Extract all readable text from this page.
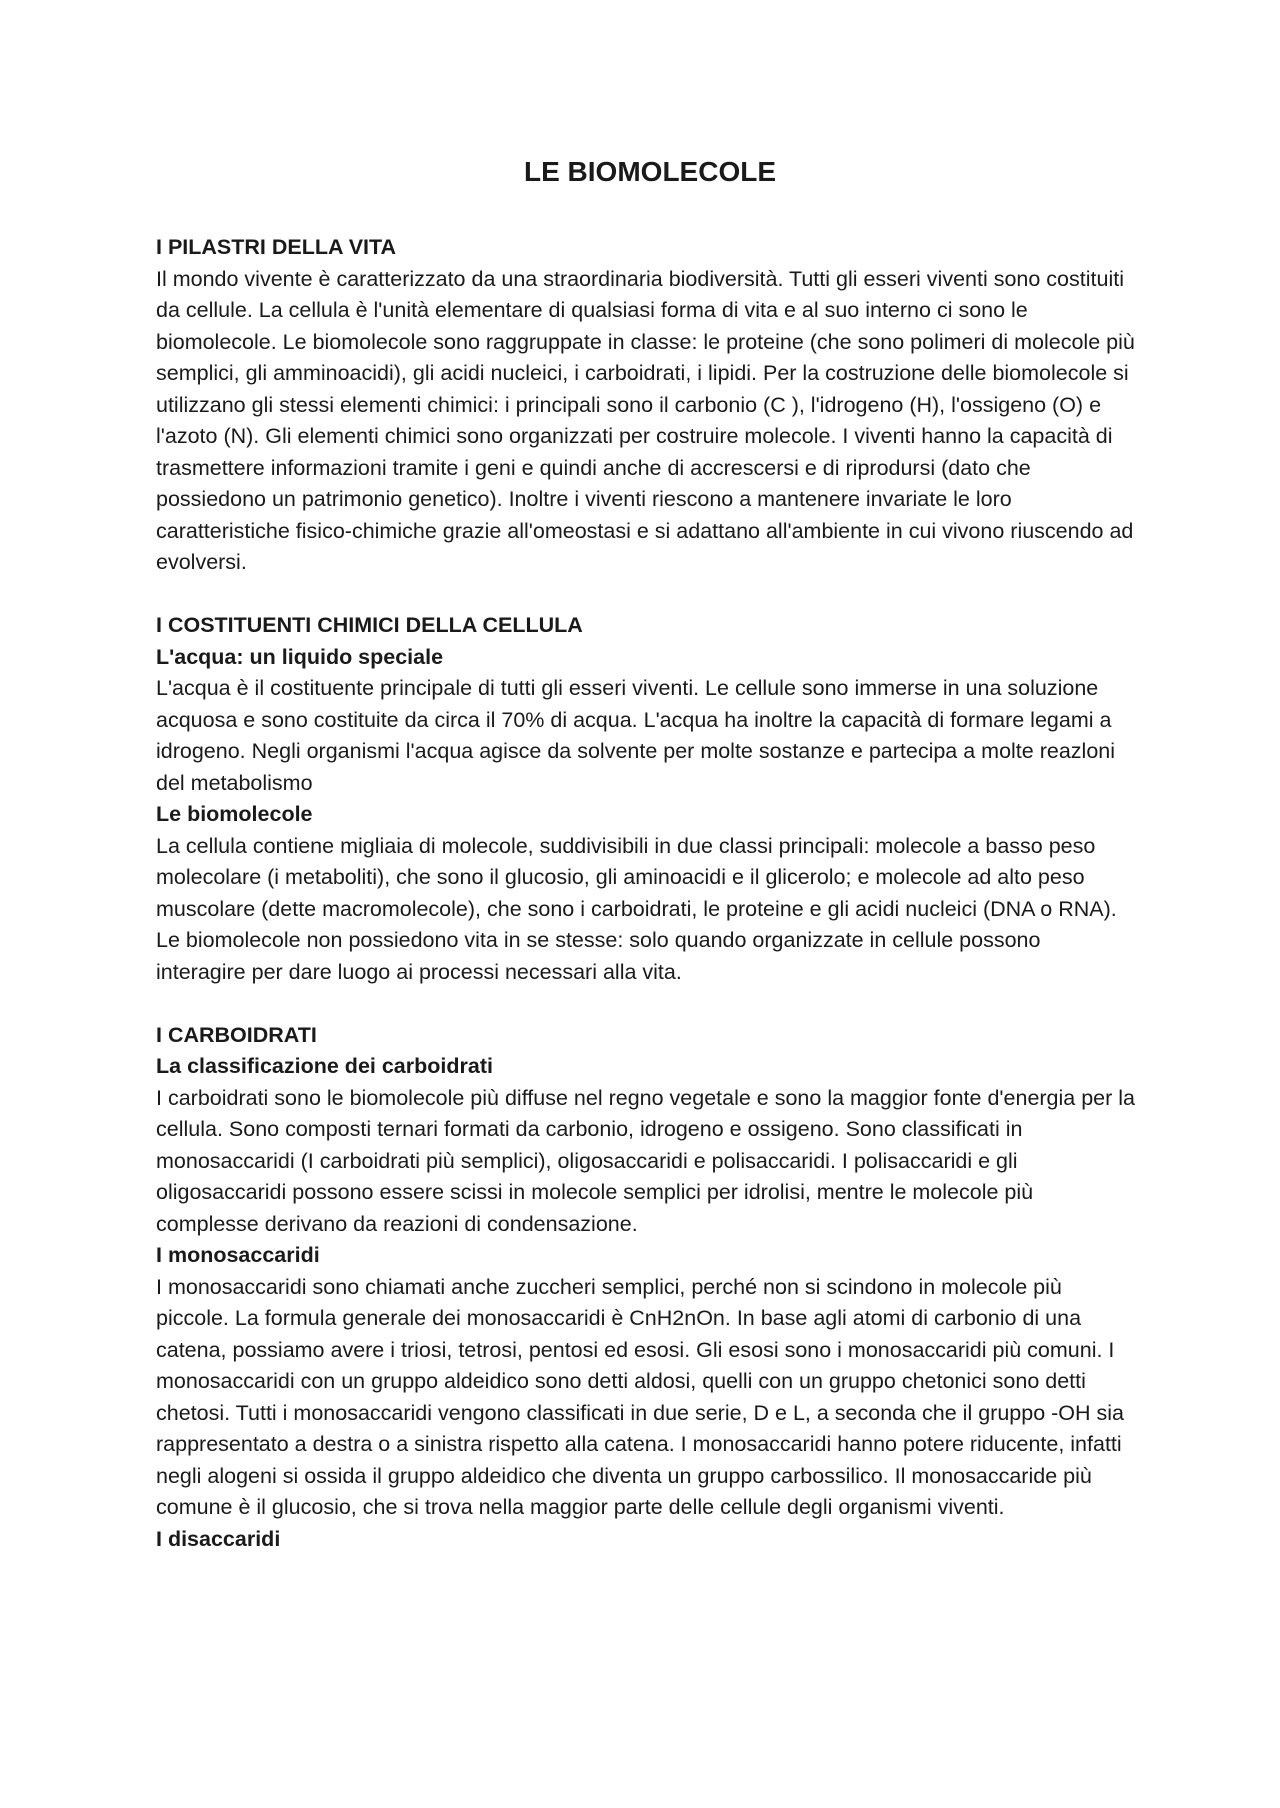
LE BIOMOLECOLE

I PILASTRI DELLA VITA

Il mondo vivente è caratterizzato da una straordinaria biodiversità. Tutti gli esseri viventi sono costituiti da cellule. La cellula è l'unità elementare di qualsiasi forma di vita e al suo interno ci sono le biomolecole. Le biomolecole sono raggruppate in classe: le proteine (che sono polimeri di molecole più semplici, gli amminoacidi), gli acidi nucleici, i carboidrati, i lipidi. Per la costruzione delle biomolecole si utilizzano gli stessi elementi chimici: i principali sono il carbonio (C ), l'idrogeno (H), l'ossigeno (O) e l'azoto (N). Gli elementi chimici sono organizzati per costruire molecole. I viventi hanno la capacità di trasmettere informazioni tramite i geni e quindi anche di accrescersi e di riprodursi (dato che possiedono un patrimonio genetico). Inoltre i viventi riescono a mantenere invariate le loro caratteristiche fisico-chimiche grazie all'omeostasi e si adattano all'ambiente in cui vivono riuscendo ad evolversi.

I COSTITUENTI CHIMICI DELLA CELLULA

L'acqua: un liquido speciale

L'acqua è il costituente principale di tutti gli esseri viventi. Le cellule sono immerse in una soluzione acquosa e sono costituite da circa il 70% di acqua. L'acqua ha inoltre la capacità di formare legami a idrogeno. Negli organismi l'acqua agisce da solvente per molte sostanze e partecipa a molte reazloni del metabolismo

Le biomolecole

La cellula contiene migliaia di molecole, suddivisibili in due classi principali: molecole a basso peso molecolare (i metaboliti), che sono il glucosio, gli aminoacidi e il glicerolo; e molecole ad alto peso muscolare (dette macromolecole), che sono i carboidrati, le proteine e gli acidi nucleici (DNA o RNA). Le biomolecole non possiedono vita in se stesse: solo quando organizzate in cellule possono interagire per dare luogo ai processi necessari alla vita.

I CARBOIDRATI

La classificazione dei carboidrati

I carboidrati sono le biomolecole più diffuse nel regno vegetale e sono la maggior fonte d'energia per la cellula. Sono composti ternari formati da carbonio, idrogeno e ossigeno. Sono classificati in monosaccaridi (I carboidrati più semplici), oligosaccaridi e polisaccaridi. I polisaccaridi e gli oligosaccaridi possono essere scissi in molecole semplici per idrolisi, mentre le molecole più complesse derivano da reazioni di condensazione.

I monosaccaridi

I monosaccaridi sono chiamati anche zuccheri semplici, perché non si scindono in molecole più piccole. La formula generale dei monosaccaridi è CnH2nOn. In base agli atomi di carbonio di una catena, possiamo avere i triosi, tetrosi, pentosi ed esosi. Gli esosi sono i monosaccaridi più comuni. I monosaccaridi con un gruppo aldeidico sono detti aldosi, quelli con un gruppo chetonici sono detti chetosi. Tutti i monosaccaridi vengono classificati in due serie, D e L, a seconda che il gruppo -OH sia rappresentato a destra o a sinistra rispetto alla catena. I monosaccaridi hanno potere riducente, infatti negli alogeni si ossida il gruppo aldeidico che diventa un gruppo carbossilico. Il monosaccaride più comune è il glucosio, che si trova nella maggior parte delle cellule degli organismi viventi.

I disaccaridi
